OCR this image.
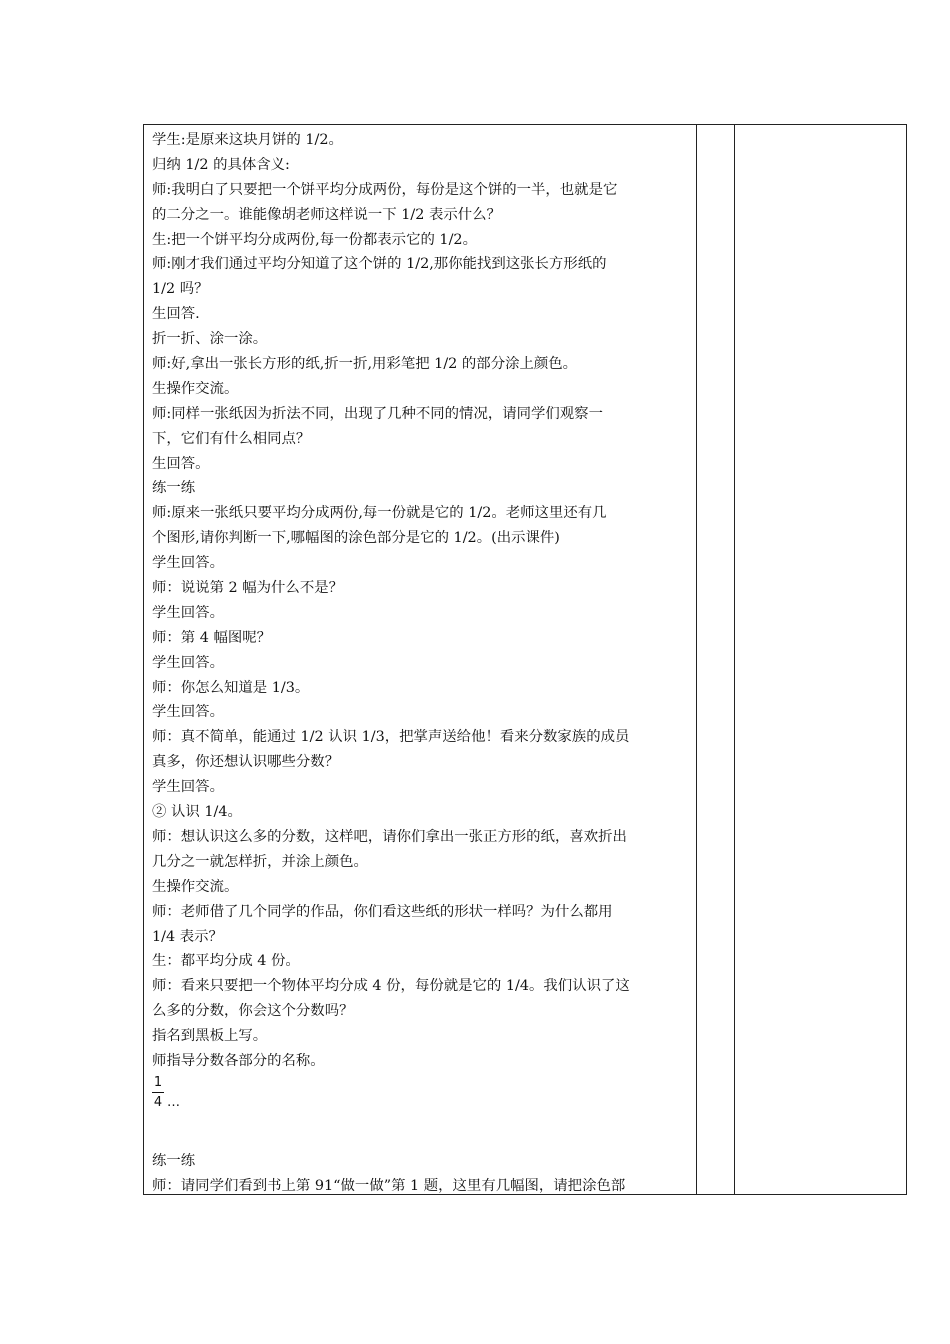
学生:是原来这块月饼的 1/2。
归纳 1/2 的具体含义:
师:我明白了只要把一个饼平均分成两份，每份是这个饼的一半，也就是它
的二分之一。谁能像胡老师这样说一下 1/2 表示什么？
生:把一个饼平均分成两份,每一份都表示它的 1/2。
师:刚才我们通过平均分知道了这个饼的 1/2,那你能找到这张长方形纸的
1/2 吗？
生回答.
折一折、涂一涂。
师:好,拿出一张长方形的纸,折一折,用彩笔把 1/2 的部分涂上颜色。
生操作交流。
师:同样一张纸因为折法不同，出现了几种不同的情况，请同学们观察一
下，它们有什么相同点？
生回答。
练一练
师:原来一张纸只要平均分成两份,每一份就是它的 1/2。老师这里还有几
个图形,请你判断一下,哪幅图的涂色部分是它的 1/2。(出示课件)
学生回答。
师：说说第 2 幅为什么不是？
学生回答。
师：第 4 幅图呢？
学生回答。
师：你怎么知道是 1/3。
学生回答。
师：真不简单，能通过 1/2 认识 1/3，把掌声送给他！看来分数家族的成员
真多，你还想认识哪些分数？
学生回答。
② 认识 1/4。
师：想认识这么多的分数，这样吧，请你们拿出一张正方形的纸，喜欢折出
几分之一就怎样折，并涂上颜色。
生操作交流。
师：老师借了几个同学的作品，你们看这些纸的形状一样吗？为什么都用
1/4 表示？
生：都平均分成 4 份。
师：看来只要把一个物体平均分成 4 份，每份就是它的 1/4。我们认识了这
么多的分数，你会这个分数吗？
指名到黑板上写。
师指导分数各部分的名称。
1
4 …
练一练
师：请同学们看到书上第 91“做一做”第 1 题，这里有几幅图，请把涂色部
